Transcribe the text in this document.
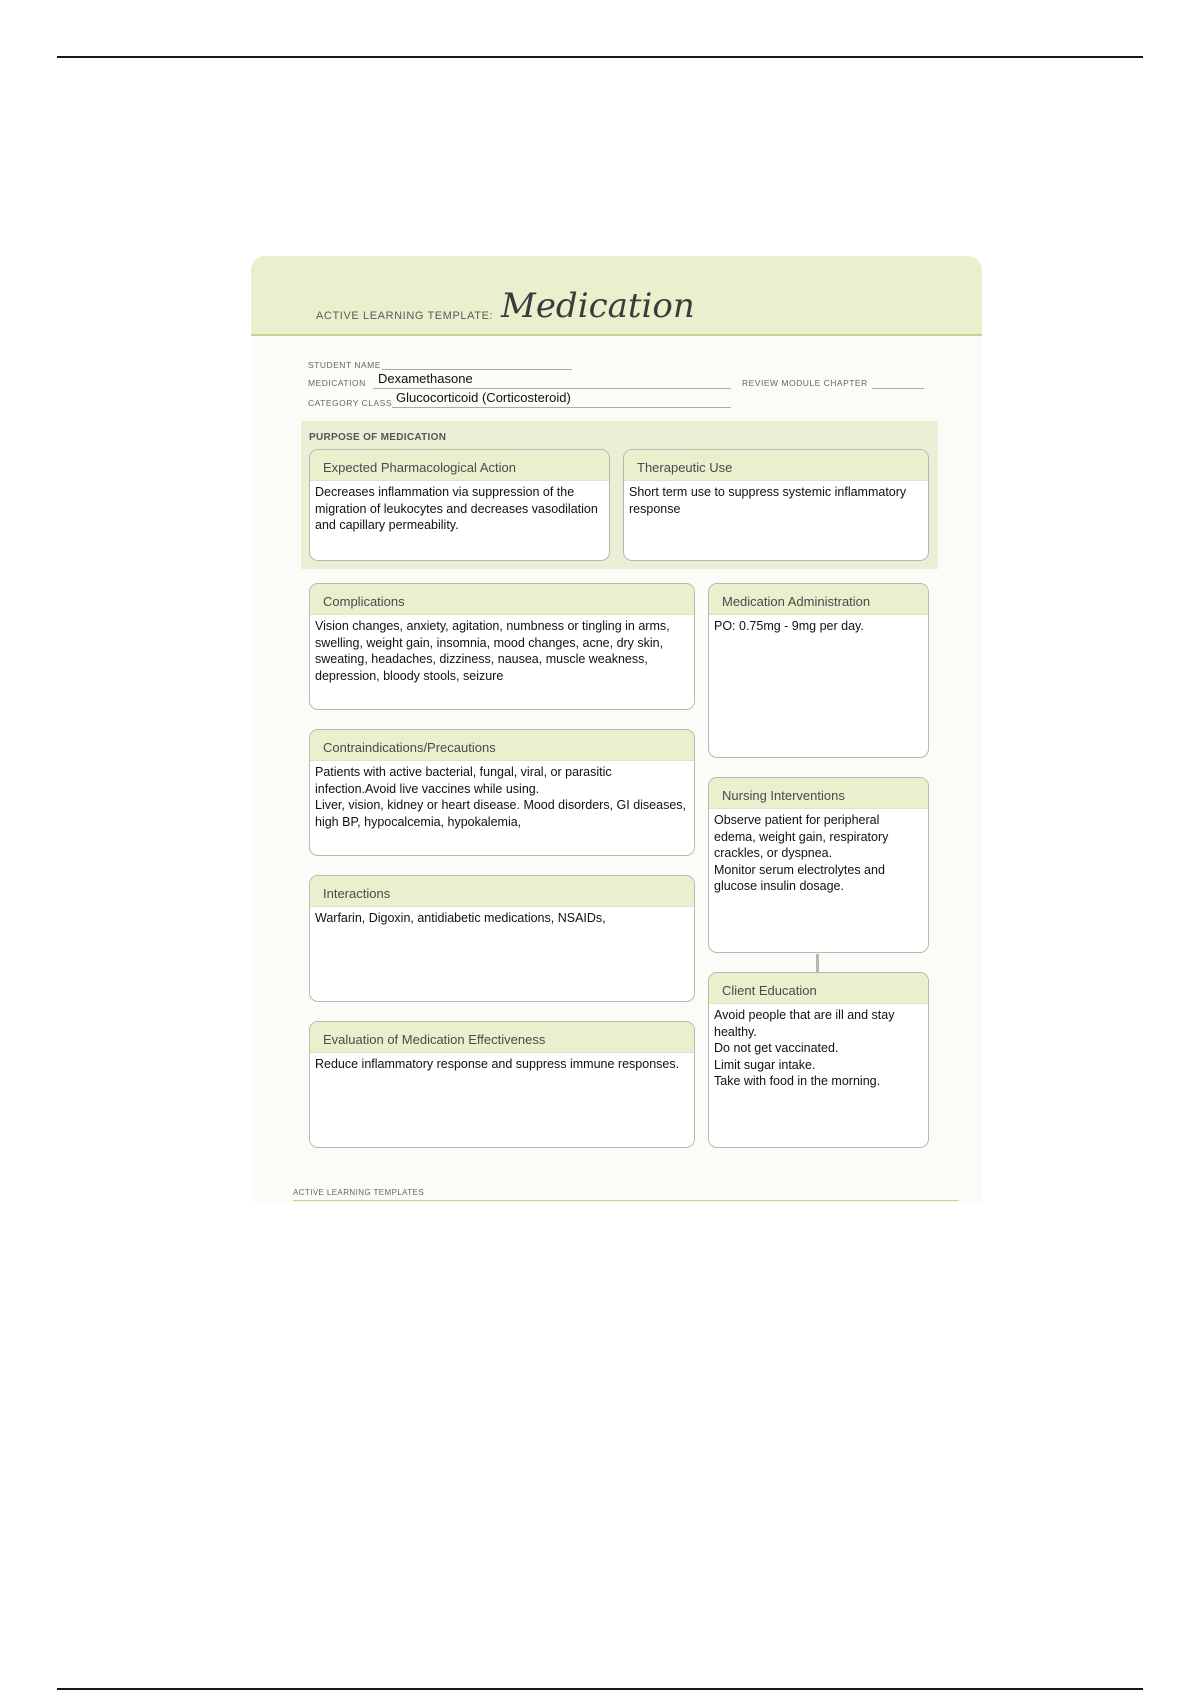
ACTIVE LEARNING TEMPLATE: Medication
STUDENT NAME
MEDICATION Dexamethasone
CATEGORY CLASS Glucocorticoid (Corticosteroid)
REVIEW MODULE CHAPTER
PURPOSE OF MEDICATION
Expected Pharmacological Action

Decreases inflammation via suppression of the migration of leukocytes and decreases vasodilation and capillary permeability.

Therapeutic Use

Short term use to suppress systemic inflammatory response

Complications

Vision changes, anxiety, agitation, numbness or tingling in arms, swelling, weight gain, insomnia, mood changes, acne, dry skin, sweating, headaches, dizziness, nausea, muscle weakness, depression, bloody stools, seizure

Contraindications/Precautions

Patients with active bacterial, fungal, viral, or parasitic infection.Avoid live vaccines while using.

Liver, vision, kidney or heart disease. Mood disorders, GI diseases, high BP, hypocalcemia, hypokalemia,

Interactions

Warfarin, Digoxin, antidiabetic medications, NSAIDs,

Evaluation of Medication Effectiveness

Reduce inflammatory response and suppress immune responses.

Medication Administration

PO: 0.75mg - 9mg per day.

Nursing Interventions

Observe patient for peripheral edema, weight gain, respiratory crackles, or dyspnea.

Monitor serum electrolytes and glucose insulin dosage.

Client Education

Avoid people that are ill and stay healthy.

Do not get vaccinated.

Limit sugar intake.

Take with food in the morning.

ACTIVE LEARNING TEMPLATES
